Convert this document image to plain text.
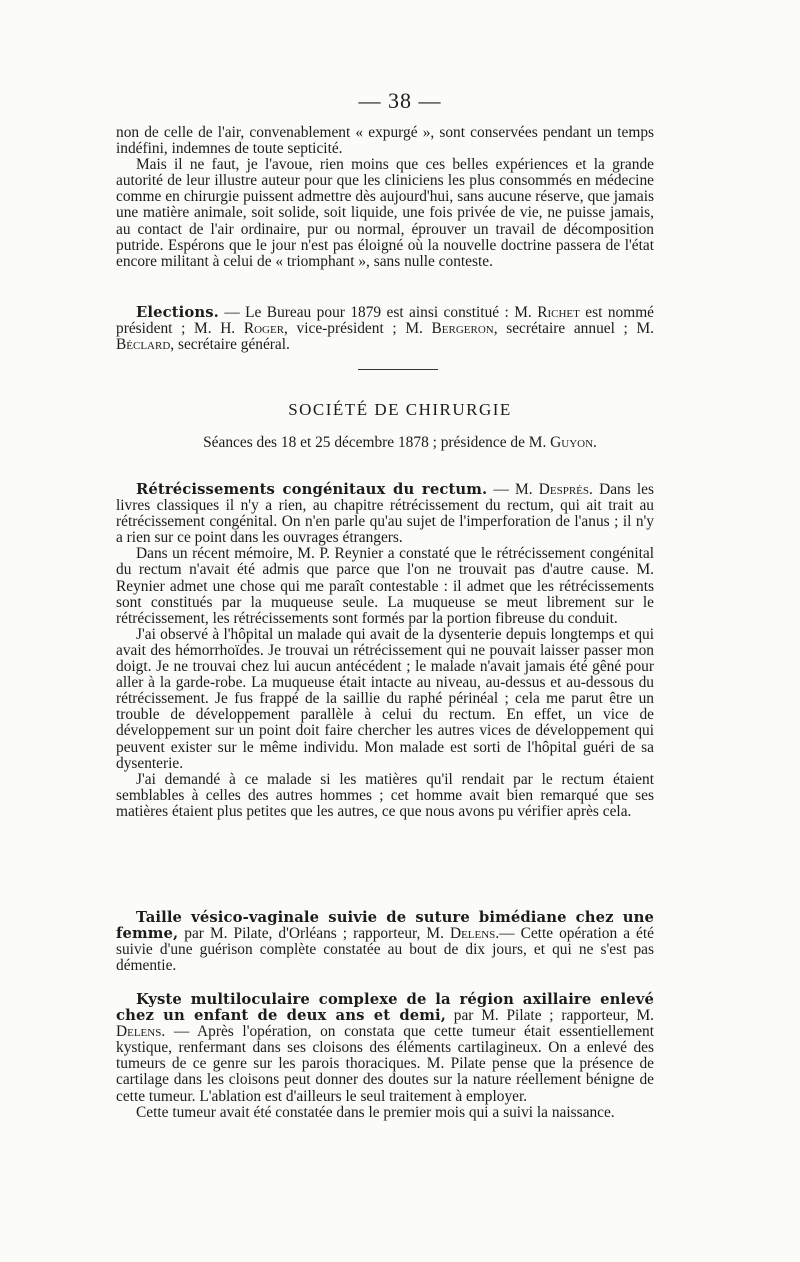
— 38 —

non de celle de l'air, convenablement « expurgé », sont conservées pendant un temps indéfini, indemnes de toute septicité.

Mais il ne faut, je l'avoue, rien moins que ces belles expériences et la grande autorité de leur illustre auteur pour que les cliniciens les plus consommés en médecine comme en chirurgie puissent admettre dès aujourd'hui, sans aucune réserve, que jamais une matière animale, soit solide, soit liquide, une fois privée de vie, ne puisse jamais, au contact de l'air ordinaire, pur ou normal, éprouver un travail de décomposition putride. Espérons que le jour n'est pas éloigné où la nouvelle doctrine passera de l'état encore militant à celui de « triomphant », sans nulle conteste.

Elections. — Le Bureau pour 1879 est ainsi constitué : M. Richet est nommé président ; M. H. Roger, vice-président ; M. Bergeron, secrétaire annuel ; M. Béclard, secrétaire général.

SOCIÉTÉ DE CHIRURGIE
Séances des 18 et 25 décembre 1878 ; présidence de M. Guyon.

Rétrécissements congénitaux du rectum. — M. Després. Dans les livres classiques il n'y a rien, au chapitre rétrécissement du rectum, qui ait trait au rétrécissement congénital. On n'en parle qu'au sujet de l'imperforation de l'anus ; il n'y a rien sur ce point dans les ouvrages étrangers.

Dans un récent mémoire, M. P. Reynier a constaté que le rétrécissement congénital du rectum n'avait été admis que parce que l'on ne trouvait pas d'autre cause. M. Reynier admet une chose qui me paraît contestable : il admet que les rétrécissements sont constitués par la muqueuse seule. La muqueuse se meut librement sur le rétrécissement, les rétrécissements sont formés par la portion fibreuse du conduit.

J'ai observé à l'hôpital un malade qui avait de la dysenterie depuis longtemps et qui avait des hémorrhoïdes. Je trouvai un rétrécissement qui ne pouvait laisser passer mon doigt. Je ne trouvai chez lui aucun antécédent ; le malade n'avait jamais été gêné pour aller à la garde-robe. La muqueuse était intacte au niveau, au-dessus et au-dessous du rétrécissement. Je fus frappé de la saillie du raphé périnéal ; cela me parut être un trouble de développement parallèle à celui du rectum. En effet, un vice de développement sur un point doit faire chercher les autres vices de développement qui peuvent exister sur le même individu. Mon malade est sorti de l'hôpital guéri de sa dysenterie.

J'ai demandé à ce malade si les matières qu'il rendait par le rectum étaient semblables à celles des autres hommes ; cet homme avait bien remarqué que ses matières étaient plus petites que les autres, ce que nous avons pu vérifier après cela.

Taille vésico-vaginale suivie de suture bimédiane chez une femme, par M. Pilate, d'Orléans ; rapporteur, M. Delens.— Cette opération a été suivie d'une guérison complète constatée au bout de dix jours, et qui ne s'est pas démentie.

Kyste multiloculaire complexe de la région axillaire enlevé chez un enfant de deux ans et demi, par M. Pilate ; rapporteur, M. Delens. — Après l'opération, on constata que cette tumeur était essentiellement kystique, renfermant dans ses cloisons des éléments cartilagineux. On a enlevé des tumeurs de ce genre sur les parois thoraciques. M. Pilate pense que la présence de cartilage dans les cloisons peut donner des doutes sur la nature réellement bénigne de cette tumeur. L'ablation est d'ailleurs le seul traitement à employer.

Cette tumeur avait été constatée dans le premier mois qui a suivi la naissance.
